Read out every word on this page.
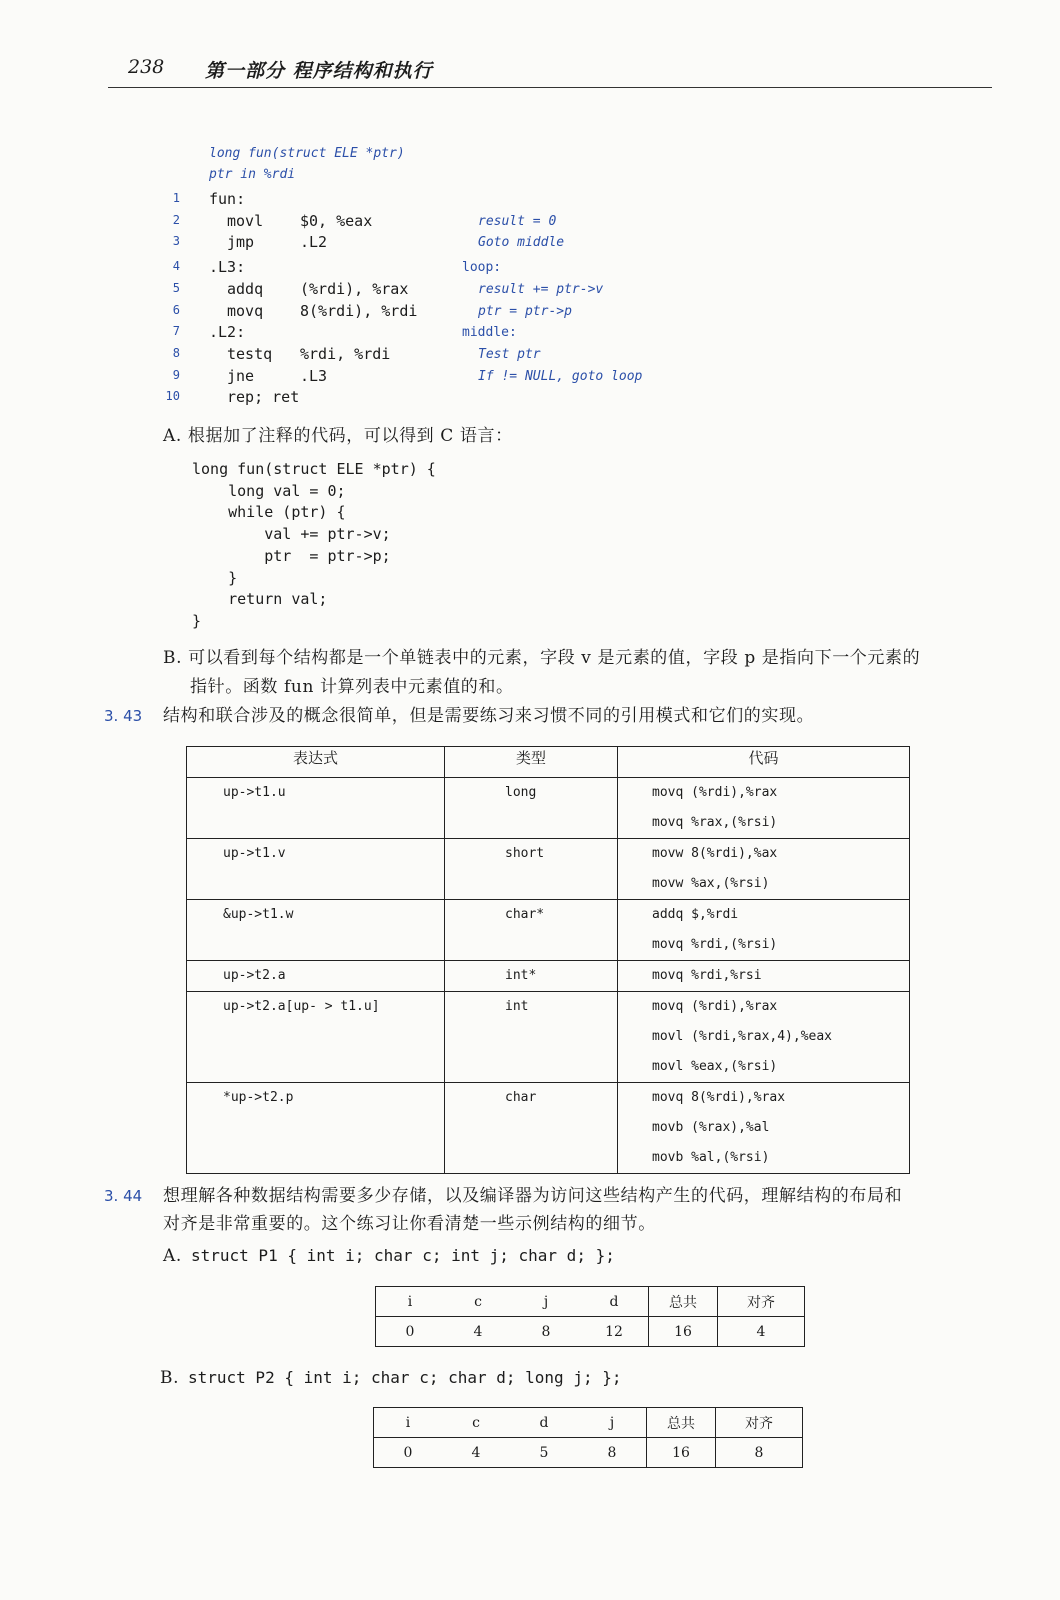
238 第一部分 程序结构和执行
long fun(struct ELE *ptr)
ptr in %rdi
1 fun:
2	movl $0, %eax	result = 0
3	jmp	.L2	Goto middle
4 .L3:	loop:
5	addq (%rdi), %rax	result += ptr->v
6	movq 8(%rdi), %rdi	ptr = ptr->p
7 .L2:	middle:
8	testq %rdi, %rdi	Test ptr
9	jne	.L3	If != NULL, goto loop
10	rep; ret
A. 根据加了注释的代码，可以得到 C 语言：
long fun(struct ELE *ptr) {
long val = 0;
while (ptr) {
val += ptr->v;
ptr  = ptr->p;
}
return val;
}
B. 可以看到每个结构都是一个单链表中的元素，字段 v 是元素的值，字段 p 是指向下一个元素的
指针。函数 fun 计算列表中元素值的和。
3. 43 结构和联合涉及的概念很简单，但是需要练习来习惯不同的引用模式和它们的实现。
表达式	类型	代码

up->t1.u	long	movq (%rdi),%rax
movq %rax,(%rsi)

up->t1.v	short	movw 8(%rdi),%ax
movw %ax,(%rsi)

&up->t1.w	char*	addq $,%rdi
movq %rdi,(%rsi)

up->t2.a	int*	movq %rdi,%rsi

up->t2.a[up- > t1.u]	int	movq (%rdi),%rax
movl (%rdi,%rax,4),%eax
movl %eax,(%rsi)

*up->t2.p	char	movq 8(%rdi),%rax
movb (%rax),%al
movb %al,(%rsi)
3. 44 想理解各种数据结构需要多少存储，以及编译器为访问这些结构产生的代码，理解结构的布局和
对齐是非常重要的。这个练习让你看清楚一些示例结构的细节。
A. struct P1 { int i; char c; int j; char d; };
i	c	j	d	总共	对齐
0	4	8	12	16	4
B. struct P2 { int i; char c; char d; long j; };
i	c	d	j	总共	对齐
0	4	5	8	16	8
